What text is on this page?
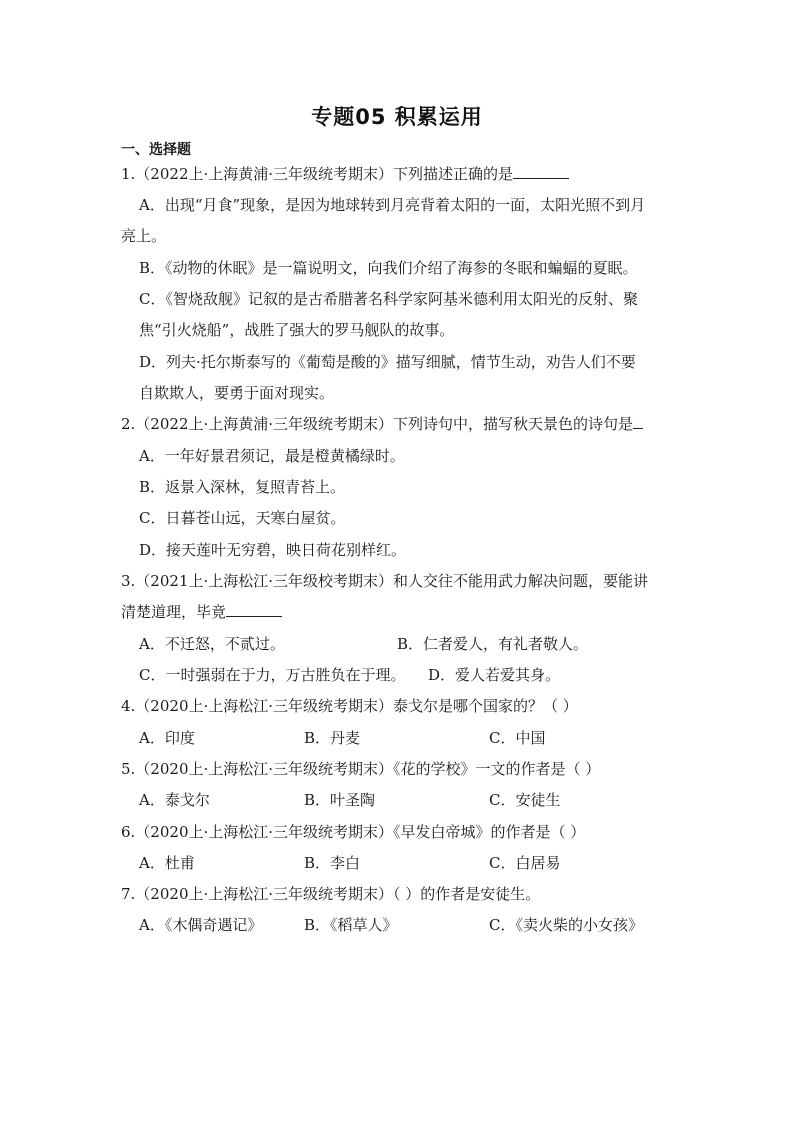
专题05 积累运用
一、选择题
1.（2022上·上海黄浦·三年级统考期末）下列描述正确的是
A．出现“月食”现象，是因为地球转到月亮背着太阳的一面，太阳光照不到月
亮上。
B．《动物的休眠》是一篇说明文，向我们介绍了海参的冬眠和蝙蝠的夏眠。
C．《智烧敌舰》记叙的是古希腊著名科学家阿基米德利用太阳光的反射、聚
焦“引火烧船”，战胜了强大的罗马舰队的故事。
D．列夫·托尔斯泰写的《葡萄是酸的》描写细腻，情节生动，劝告人们不要
自欺欺人，要勇于面对现实。
2.（2022上·上海黄浦·三年级统考期末）下列诗句中，描写秋天景色的诗句是
A．一年好景君须记，最是橙黄橘绿时。
B．返景入深林，复照青苔上。
C．日暮苍山远，天寒白屋贫。
D．接天莲叶无穷碧，映日荷花别样红。
3.（2021上·上海松江·三年级校考期末）和人交往不能用武力解决问题，要能讲
清楚道理，毕竟
A．不迁怒，不贰过。	B．仁者爱人，有礼者敬人。
C．一时强弱在于力，万古胜负在于理。 D．爱人若爱其身。
4.（2020上·上海松江·三年级统考期末）泰戈尔是哪个国家的？（ ）
A．印度	B．丹麦	C．中国
5.（2020上·上海松江·三年级统考期末）《花的学校》一文的作者是（ ）
A．泰戈尔	B．叶圣陶	C．安徒生
6.（2020上·上海松江·三年级统考期末）《早发白帝城》的作者是（ ）
A．杜甫	B．李白	C．白居易
7.（2020上·上海松江·三年级统考期末）（ ）的作者是安徒生。
A．《木偶奇遇记》	B．《稻草人》	C．《卖火柴的小女孩》
